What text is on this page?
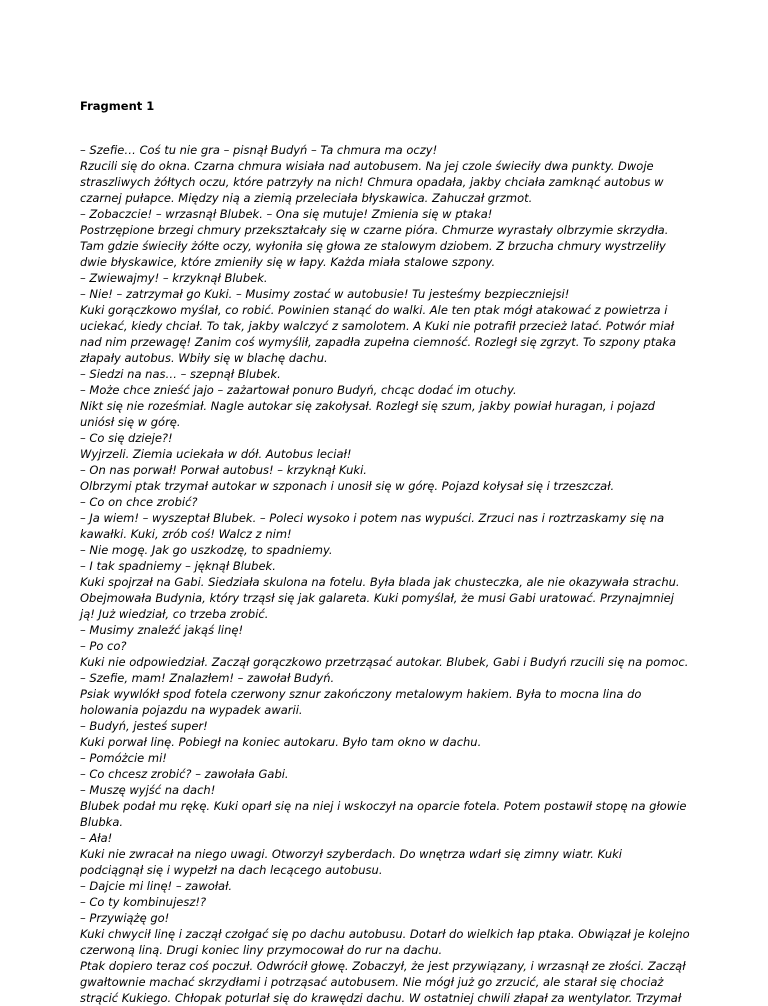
Fragment 1
– Szefie… Coś tu nie gra – pisnął Budyń – Ta chmura ma oczy!
Rzucili się do okna. Czarna chmura wisiała nad autobusem. Na jej czole świeciły dwa punkty. Dwoje
straszliwych żółtych oczu, które patrzyły na nich! Chmura opadała, jakby chciała zamknąć autobus w
czarnej pułapce. Między nią a ziemią przeleciała błyskawica. Zahuczał grzmot.
– Zobaczcie! – wrzasnął Blubek. – Ona się mutuje! Zmienia się w ptaka!
Postrzępione brzegi chmury przekształcały się w czarne pióra. Chmurze wyrastały olbrzymie skrzydła.
Tam gdzie świeciły żółte oczy, wyłoniła się głowa ze stalowym dziobem. Z brzucha chmury wystrzeliły
dwie błyskawice, które zmieniły się w łapy. Każda miała stalowe szpony.
– Zwiewajmy! – krzyknął Blubek.
– Nie! – zatrzymał go Kuki. – Musimy zostać w autobusie! Tu jesteśmy bezpieczniejsi!
Kuki gorączkowo myślał, co robić. Powinien stanąć do walki. Ale ten ptak mógł atakować z powietrza i
uciekać, kiedy chciał. To tak, jakby walczyć z samolotem. A Kuki nie potrafił przecież latać. Potwór miał
nad nim przewagę! Zanim coś wymyślił, zapadła zupełna ciemność. Rozległ się zgrzyt. To szpony ptaka
złapały autobus. Wbiły się w blachę dachu.
– Siedzi na nas… – szepnął Blubek.
– Może chce znieść jajo – zażartował ponuro Budyń, chcąc dodać im otuchy.
Nikt się nie roześmiał. Nagle autokar się zakołysał. Rozległ się szum, jakby powiał huragan, i pojazd
uniósł się w górę.
– Co się dzieje?!
Wyjrzeli. Ziemia uciekała w dół. Autobus leciał!
– On nas porwał! Porwał autobus! – krzyknął Kuki.
Olbrzymi ptak trzymał autokar w szponach i unosił się w górę. Pojazd kołysał się i trzeszczał.
– Co on chce zrobić?
– Ja wiem! – wyszeptał Blubek. – Poleci wysoko i potem nas wypuści. Zrzuci nas i roztrzaskamy się na
kawałki. Kuki, zrób coś! Walcz z nim!
– Nie mogę. Jak go uszkodzę, to spadniemy.
– I tak spadniemy – jęknął Blubek.
Kuki spojrzał na Gabi. Siedziała skulona na fotelu. Była blada jak chusteczka, ale nie okazywała strachu.
Obejmowała Budynia, który trząsł się jak galareta. Kuki pomyślał, że musi Gabi uratować. Przynajmniej
ją! Już wiedział, co trzeba zrobić.
– Musimy znaleźć jakąś linę!
– Po co?
Kuki nie odpowiedział. Zaczął gorączkowo przetrząsać autokar. Blubek, Gabi i Budyń rzucili się na pomoc.
– Szefie, mam! Znalazłem! – zawołał Budyń.
Psiak wywlókł spod fotela czerwony sznur zakończony metalowym hakiem. Była to mocna lina do
holowania pojazdu na wypadek awarii.
– Budyń, jesteś super!
Kuki porwał linę. Pobiegł na koniec autokaru. Było tam okno w dachu.
– Pomóżcie mi!
– Co chcesz zrobić? – zawołała Gabi.
– Muszę wyjść na dach!
Blubek podał mu rękę. Kuki oparł się na niej i wskoczył na oparcie fotela. Potem postawił stopę na głowie
Blubka.
– Ała!
Kuki nie zwracał na niego uwagi. Otworzył szyberdach. Do wnętrza wdarł się zimny wiatr. Kuki
podciągnął się i wypełzł na dach lecącego autobusu.
– Dajcie mi linę! – zawołał.
– Co ty kombinujesz!?
– Przywiążę go!
Kuki chwycił linę i zaczął czołgać się po dachu autobusu. Dotarł do wielkich łap ptaka. Obwiązał je kolejno
czerwoną liną. Drugi koniec liny przymocował do rur na dachu.
Ptak dopiero teraz coś poczuł. Odwrócił głowę. Zobaczył, że jest przywiązany, i wrzasnął ze złości. Zaczął
gwałtownie machać skrzydłami i potrząsać autobusem. Nie mógł już go zrzucić, ale starał się chociaż
strącić Kukiego. Chłopak poturlał się do krawędzi dachu. W ostatniej chwili złapał za wentylator. Trzymał
